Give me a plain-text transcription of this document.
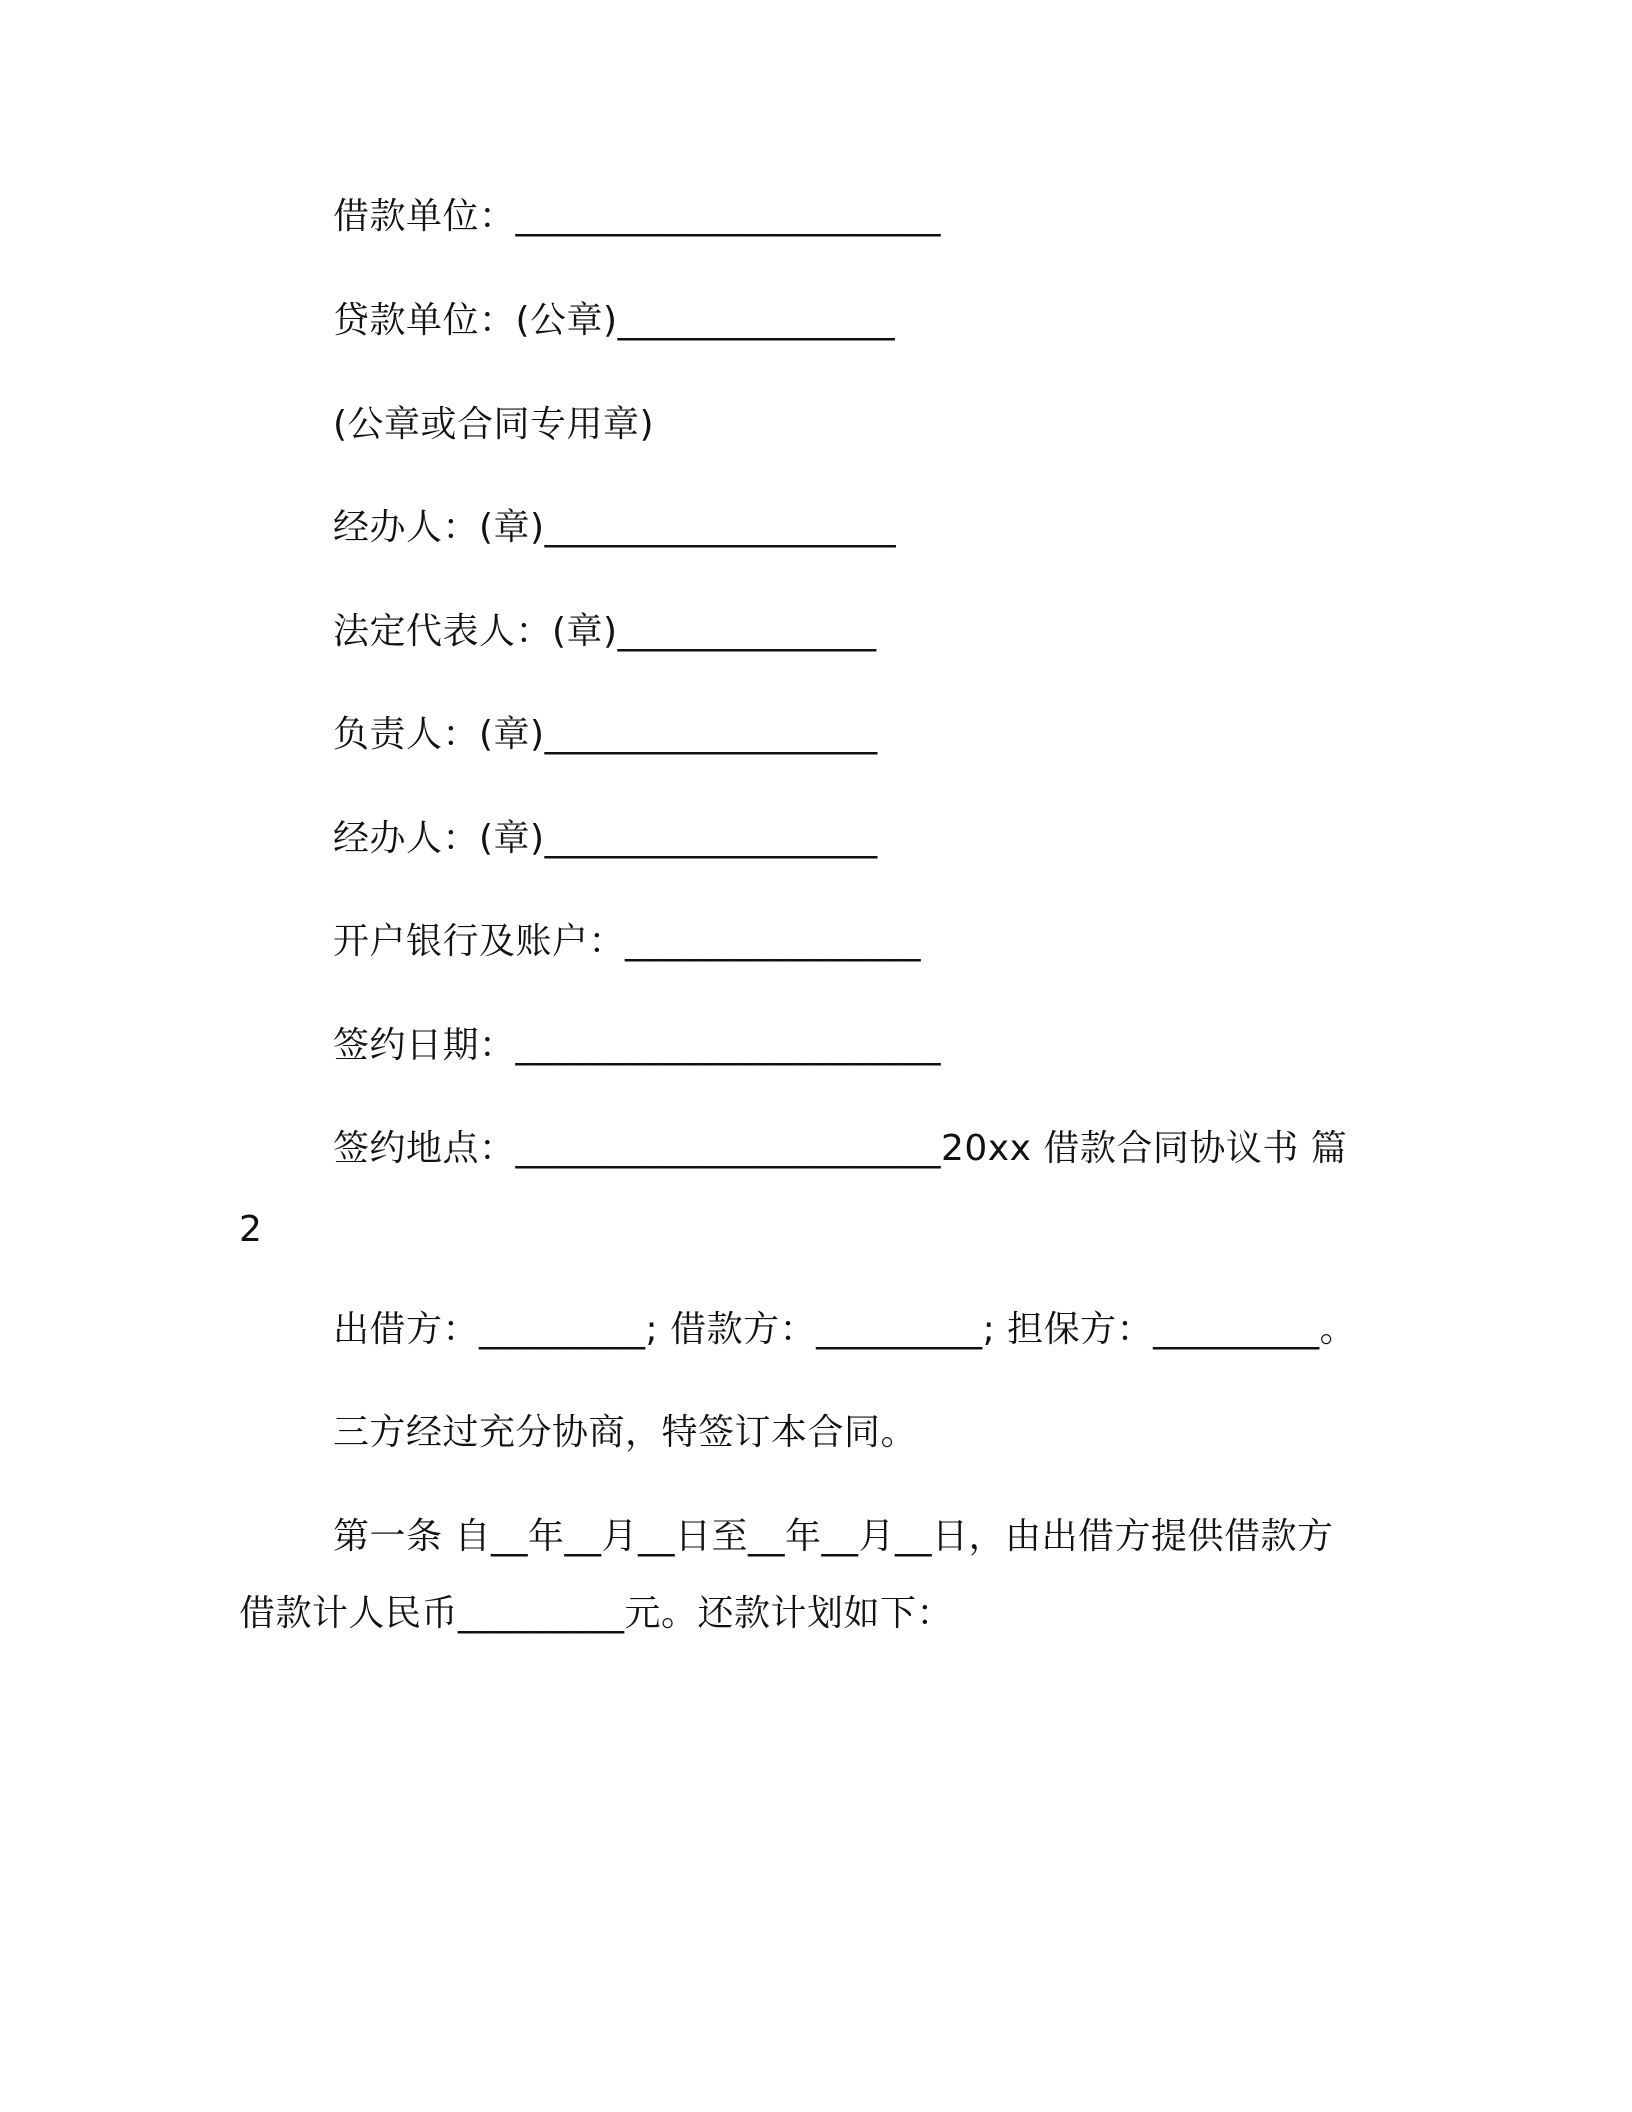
借款单位：_______________________
贷款单位：(公章)_______________
(公章或合同专用章)
经办人：(章)___________________
法定代表人：(章)______________
负责人：(章)__________________
经办人：(章)__________________
开户银行及账户：________________
签约日期：_______________________
签约地点：_______________________20xx 借款合同协议书 篇
2
出借方：_________; 借款方：_________; 担保方：_________。
三方经过充分协商，特签订本合同。
第一条 自__年__月__日至__年__月__日，由出借方提供借款方
借款计人民币_________元。还款计划如下：
